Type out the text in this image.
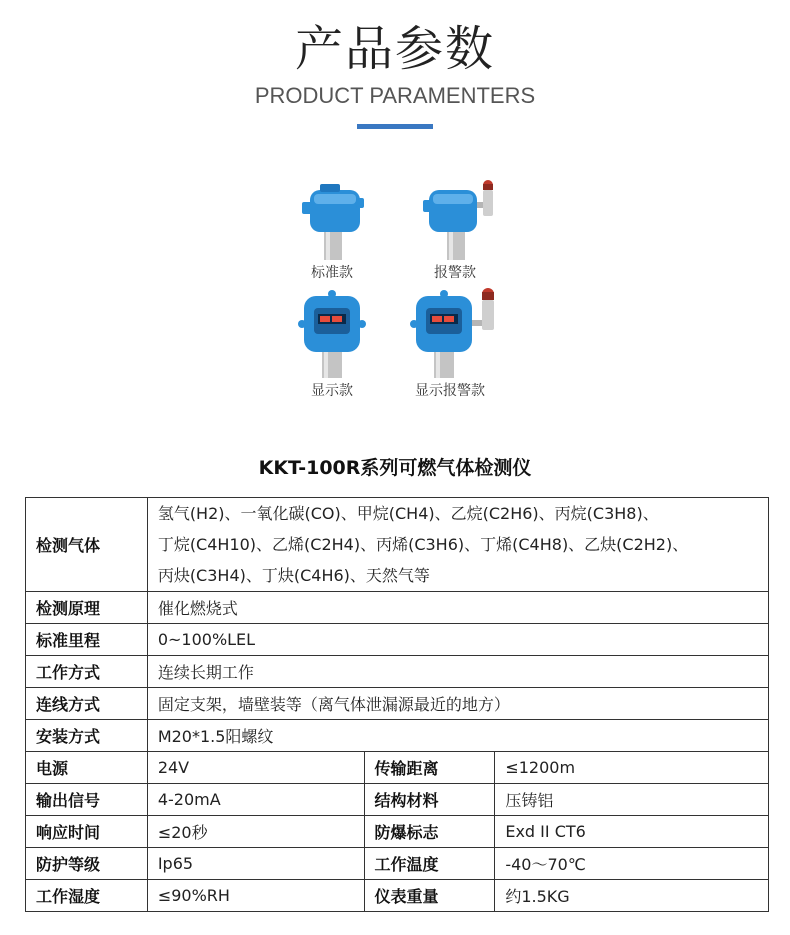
产品参数
PRODUCT PARAMENTERS
标准款	报警款
显示款	显示报警款
KKT-100R系列可燃气体检测仪
检测气体	氢气(H2)、一氧化碳(CO)、甲烷(CH4)、乙烷(C2H6)、丙烷(C3H8)、
丁烷(C4H10)、乙烯(C2H4)、丙烯(C3H6)、丁烯(C4H8)、乙炔(C2H2)、
丙炔(C3H4)、丁炔(C4H6)、天然气等		

检测原理	催化燃烧式		
标准里程	0~100%LEL		
工作方式	连续长期工作		
连线方式	固定支架，墙壁装等（离气体泄漏源最近的地方）		
安装方式	M20*1.5阳螺纹		
电源	24V	传输距离	≤1200m
输出信号	4-20mA	结构材料	压铸铝
响应时间	≤20秒	防爆标志	Exd II CT6
防护等级	Ip65	工作温度	-40～70℃
工作湿度	≤90%RH	仪表重量	约1.5KG
